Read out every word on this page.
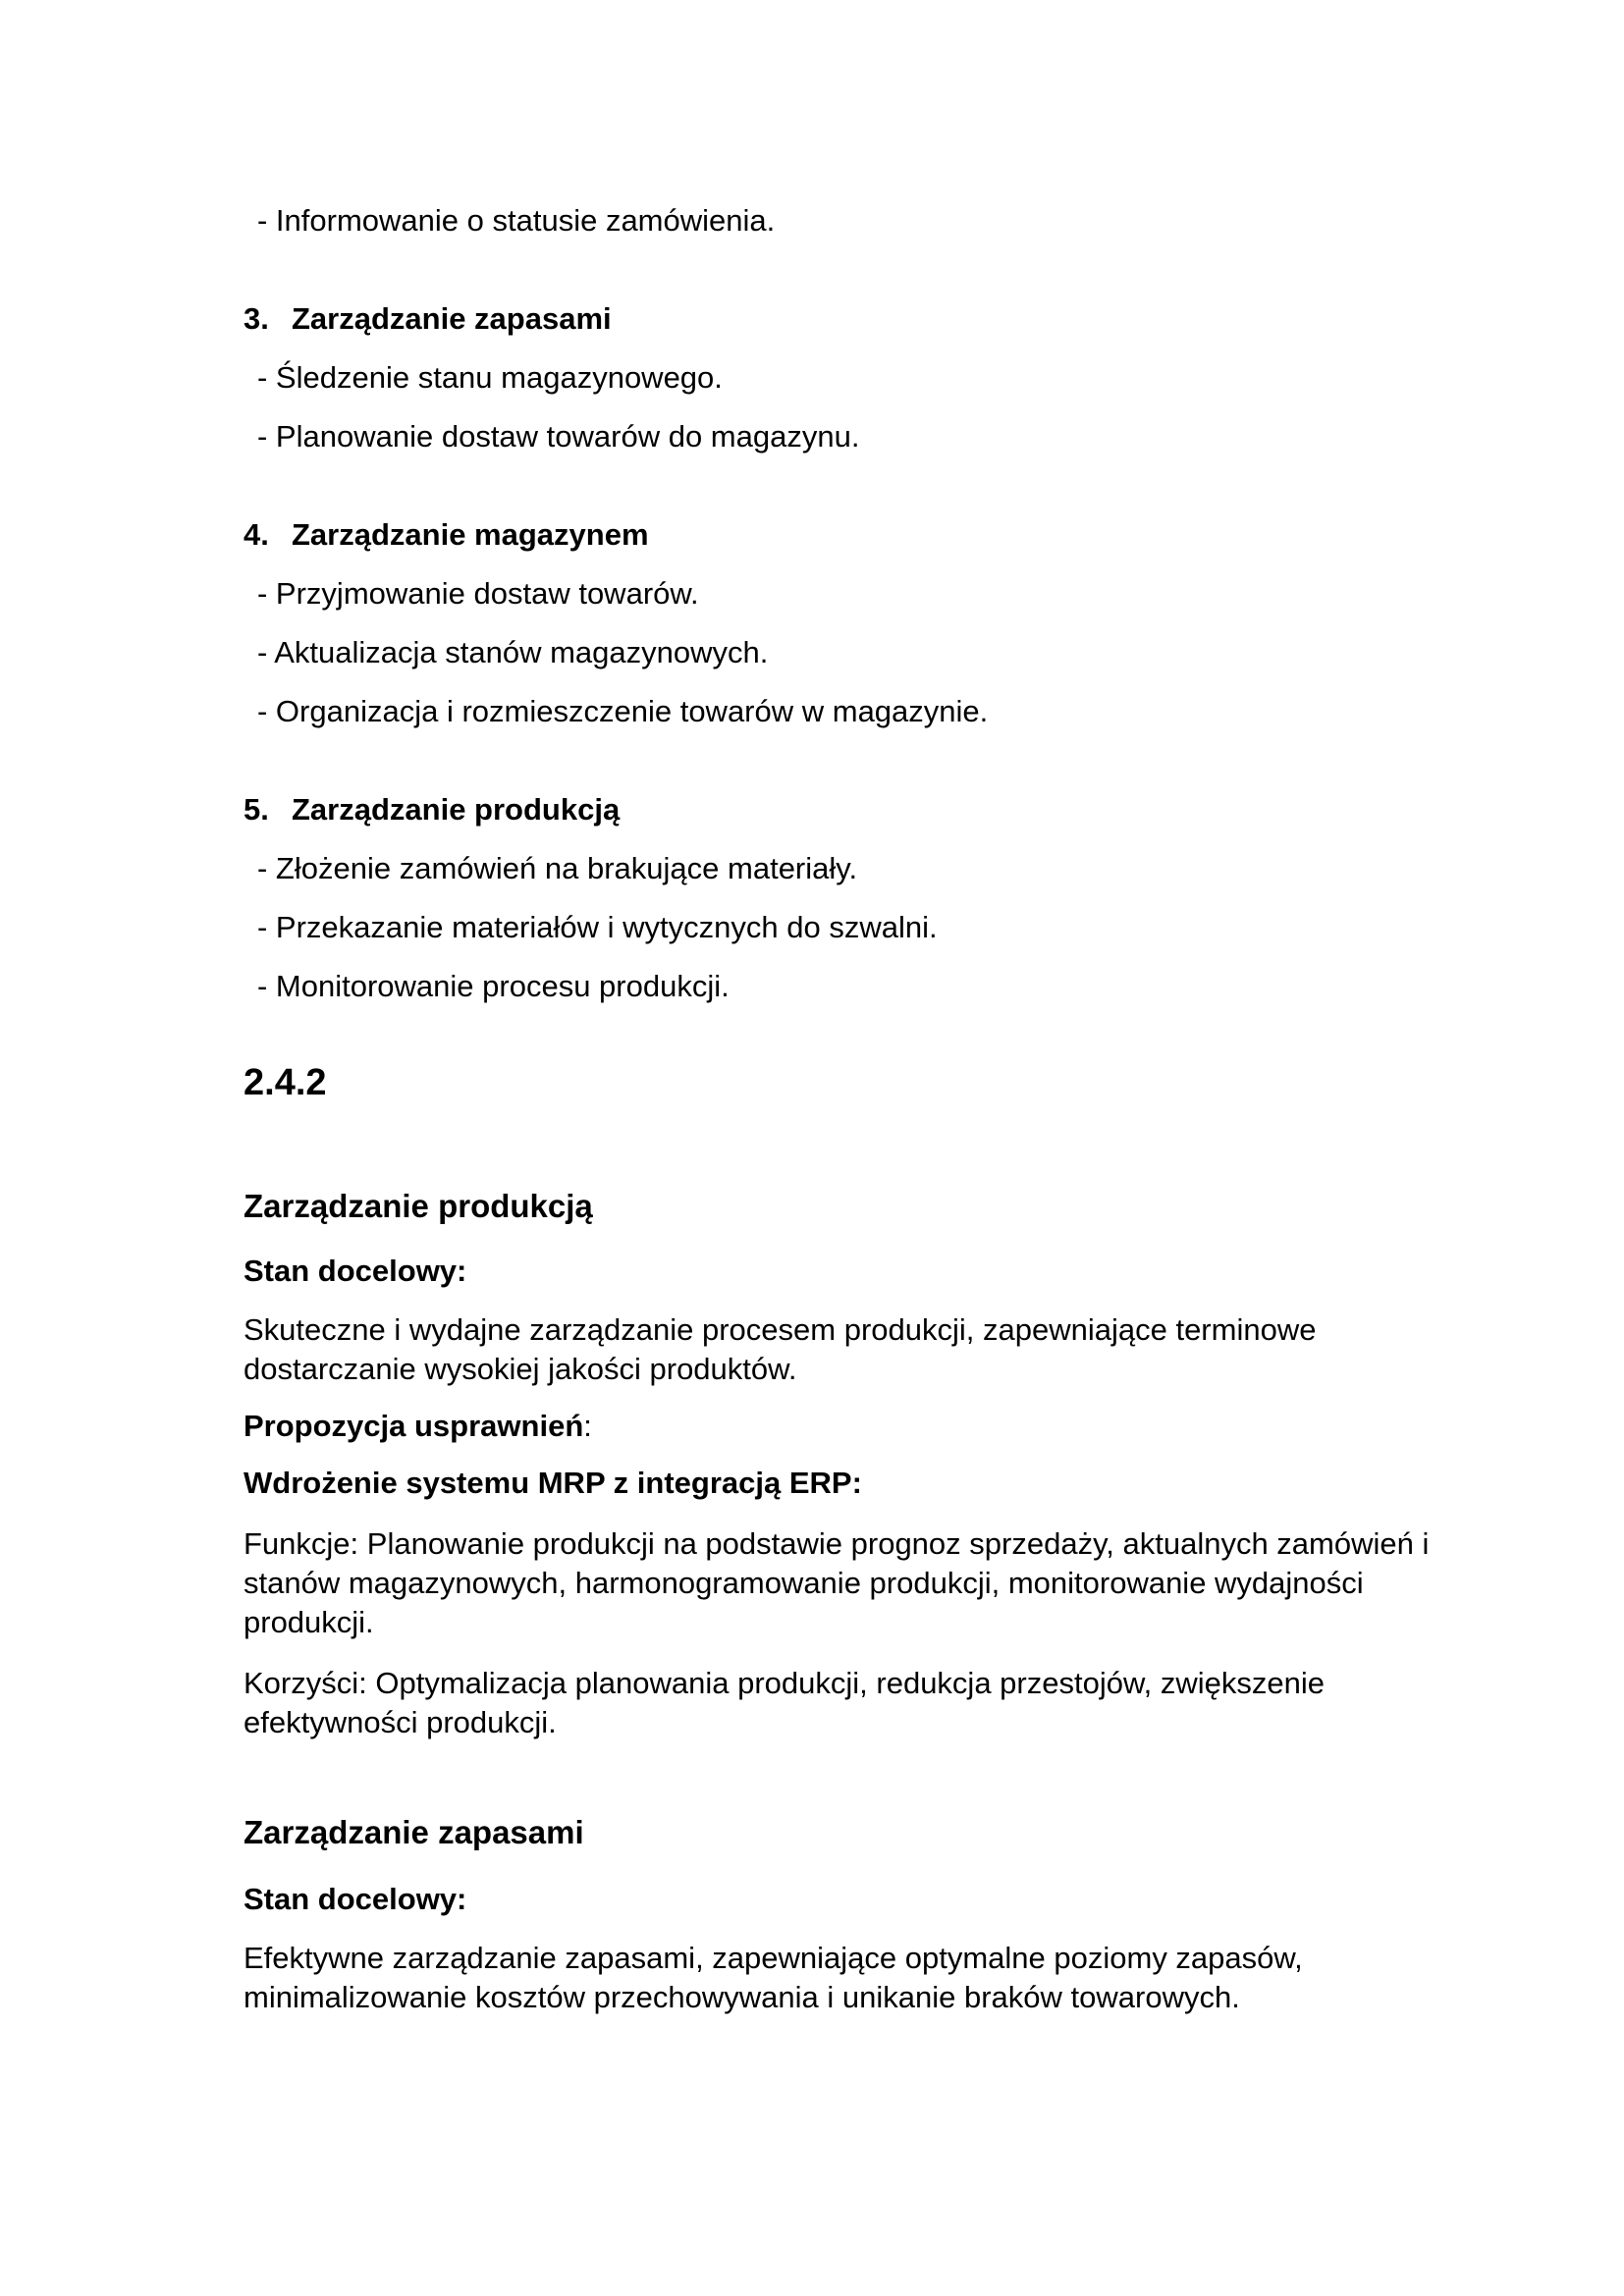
- Informowanie o statusie zamówienia.

3. Zarządzanie zapasami

- Śledzenie stanu magazynowego.

- Planowanie dostaw towarów do magazynu.

4. Zarządzanie magazynem

- Przyjmowanie dostaw towarów.

- Aktualizacja stanów magazynowych.

- Organizacja i rozmieszczenie towarów w magazynie.

5. Zarządzanie produkcją

- Złożenie zamówień na brakujące materiały.

- Przekazanie materiałów i wytycznych do szwalni.

- Monitorowanie procesu produkcji.

2.4.2

Zarządzanie produkcją

Stan docelowy:

Skuteczne i wydajne zarządzanie procesem produkcji, zapewniające terminowe dostarczanie wysokiej jakości produktów.

Propozycja usprawnień:

Wdrożenie systemu MRP z integracją ERP:

Funkcje: Planowanie produkcji na podstawie prognoz sprzedaży, aktualnych zamówień i stanów magazynowych, harmonogramowanie produkcji, monitorowanie wydajności produkcji.

Korzyści: Optymalizacja planowania produkcji, redukcja przestojów, zwiększenie efektywności produkcji.

Zarządzanie zapasami

Stan docelowy:

Efektywne zarządzanie zapasami, zapewniające optymalne poziomy zapasów, minimalizowanie kosztów przechowywania i unikanie braków towarowych.
